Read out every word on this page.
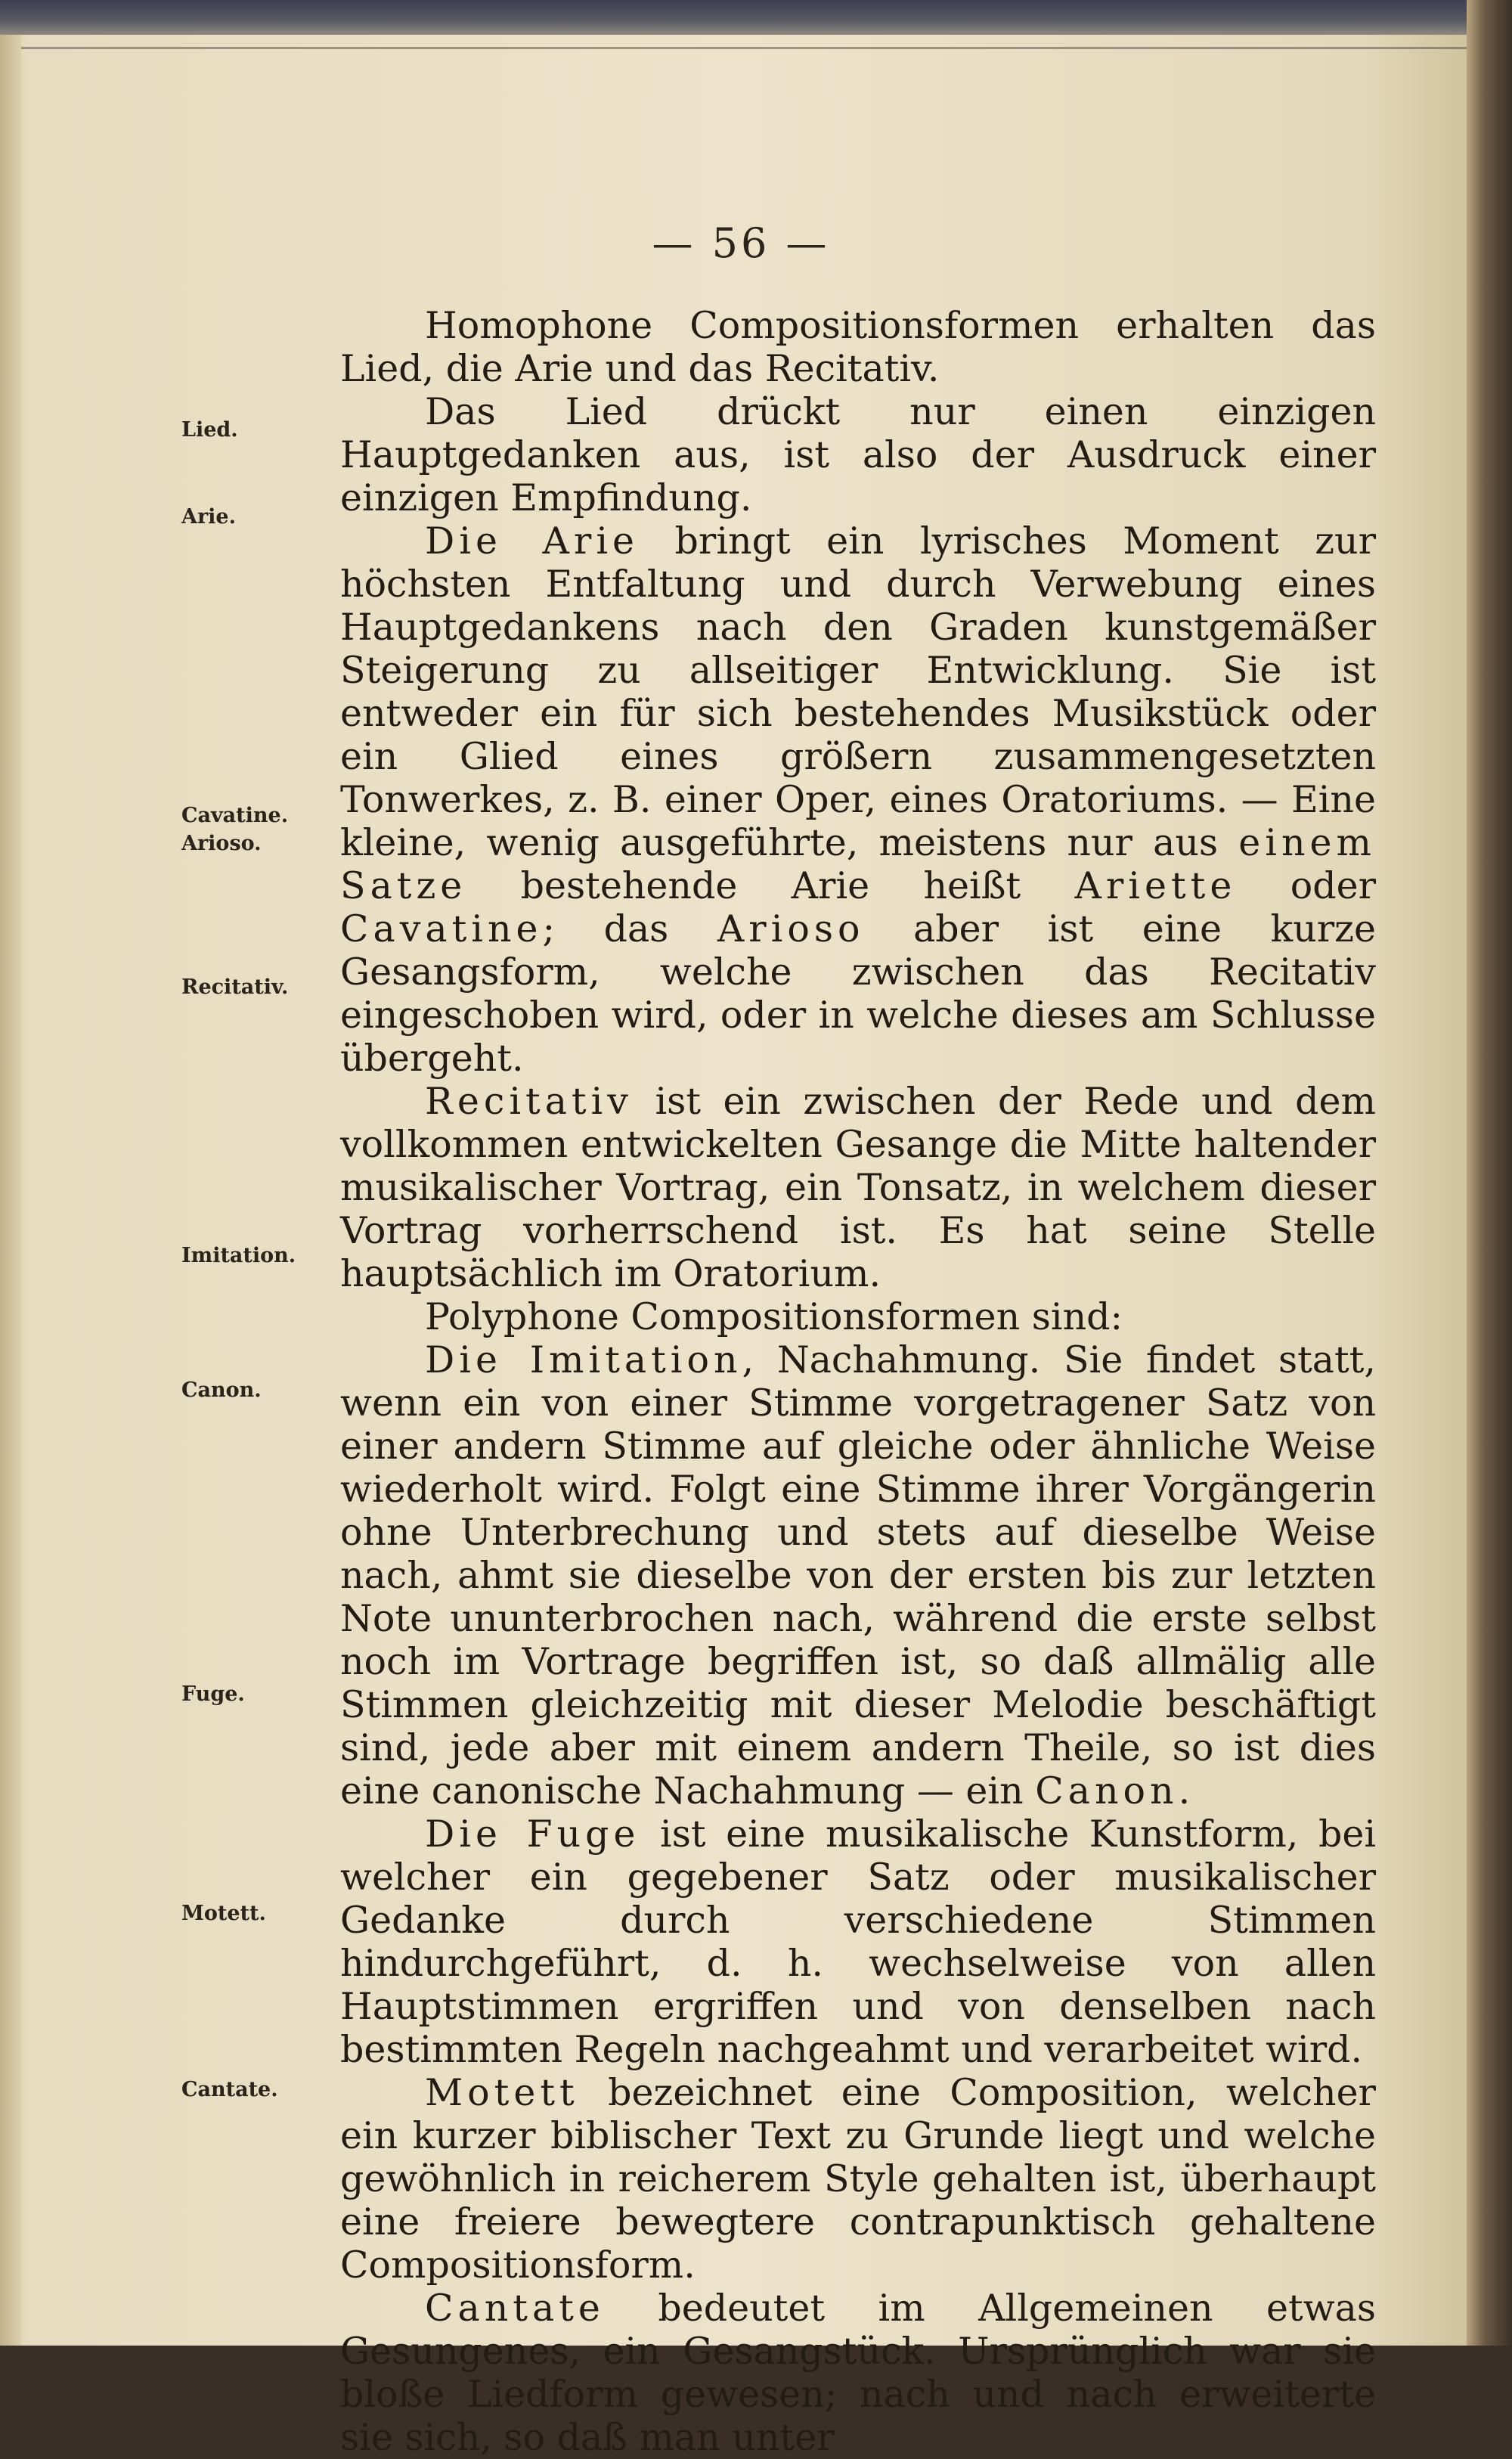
— 56 —
Lied.
Arie.
Cavatine.
Arioso.
Recitativ.
Imitation.
Canon.
Fuge.
Motett.
Cantate.

Homophone Compositionsformen erhalten das Lied, die Arie und das Recitativ.

Das Lied drückt nur einen einzigen Hauptgedanken aus, ist also der Ausdruck einer einzigen Empfindung.

Die Arie bringt ein lyrisches Moment zur höchsten Entfaltung und durch Verwebung eines Hauptgedankens nach den Graden kunstgemäßer Steigerung zu allseitiger Entwicklung. Sie ist entweder ein für sich bestehendes Musikstück oder ein Glied eines größern zusammengesetzten Tonwerkes, z. B. einer Oper, eines Oratoriums. — Eine kleine, wenig ausgeführte, meistens nur aus einem Satze bestehende Arie heißt Ariette oder Cavatine; das Arioso aber ist eine kurze Gesangsform, welche zwischen das Recitativ eingeschoben wird, oder in welche dieses am Schlusse übergeht.

Recitativ ist ein zwischen der Rede und dem vollkommen entwickelten Gesange die Mitte haltender musikalischer Vortrag, ein Tonsatz, in welchem dieser Vortrag vorherrschend ist. Es hat seine Stelle hauptsächlich im Oratorium.

Polyphone Compositionsformen sind:

Die Imitation, Nachahmung. Sie findet statt, wenn ein von einer Stimme vorgetragener Satz von einer andern Stimme auf gleiche oder ähnliche Weise wiederholt wird. Folgt eine Stimme ihrer Vorgängerin ohne Unterbrechung und stets auf dieselbe Weise nach, ahmt sie dieselbe von der ersten bis zur letzten Note ununterbrochen nach, während die erste selbst noch im Vortrage begriffen ist, so daß allmälig alle Stimmen gleichzeitig mit dieser Melodie beschäftigt sind, jede aber mit einem andern Theile, so ist dies eine canonische Nachahmung — ein Canon.

Die Fuge ist eine musikalische Kunstform, bei welcher ein gegebener Satz oder musikalischer Gedanke durch verschiedene Stimmen hindurchgeführt, d. h. wechselweise von allen Hauptstimmen ergriffen und von denselben nach bestimmten Regeln nachgeahmt und verarbeitet wird.

Motett bezeichnet eine Composition, welcher ein kurzer biblischer Text zu Grunde liegt und welche gewöhnlich in reicherem Style gehalten ist, überhaupt eine freiere bewegtere contrapunktisch gehaltene Compositionsform.

Cantate bedeutet im Allgemeinen etwas Gesungenes, ein Gesangstück. Ursprünglich war sie bloße Liedform gewesen; nach und nach erweiterte sie sich, so daß man unter
